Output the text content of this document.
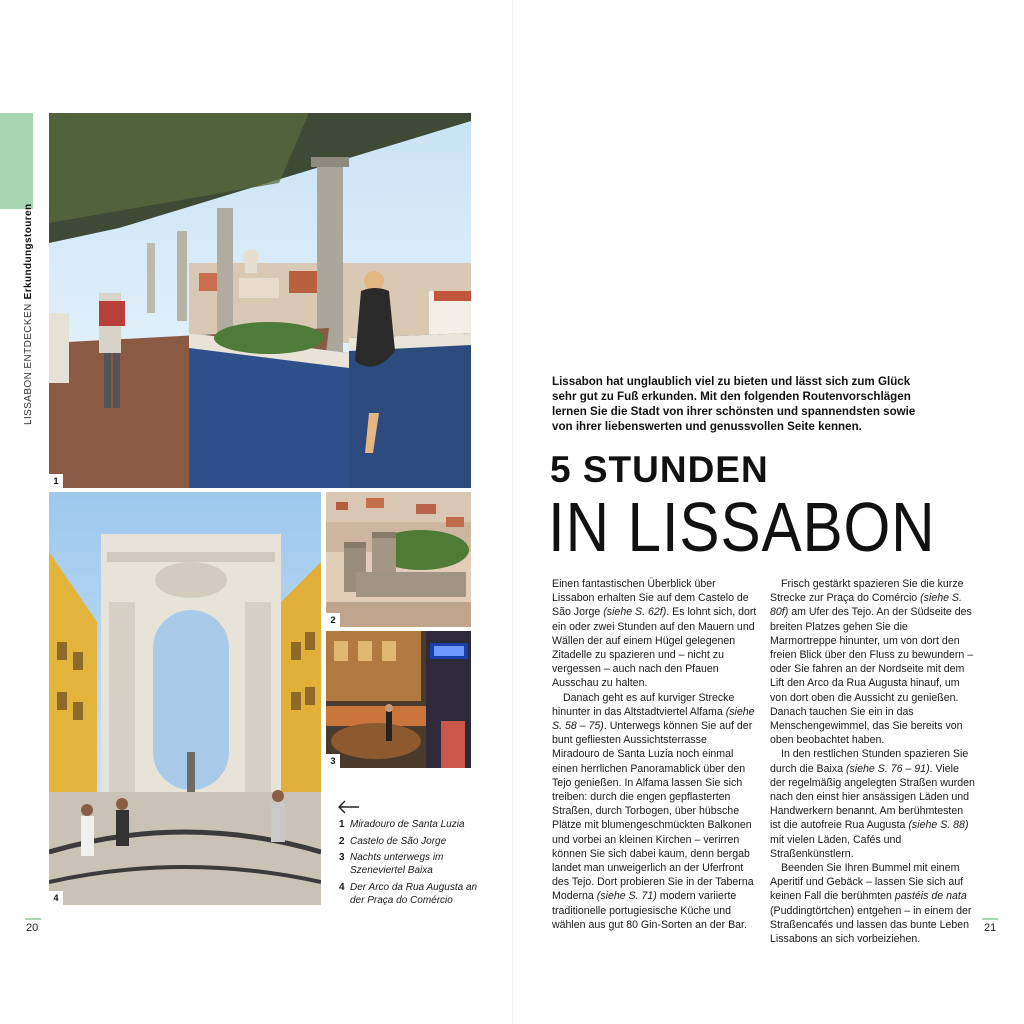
LISSABON ENTDECKENErkundungstouren
1
4
2
3
1 Miradouro de Santa Luzia
2 Castelo de São Jorge
3 Nachts unterwegs im Szeneviertel Baixa
4 Der Arco da Rua Augusta an der Praça do Comércio
20
Lissabon hat unglaublich viel zu bieten und lässt sich zum Glück sehr gut zu Fuß erkunden. Mit den folgenden Routenvorschlägen lernen Sie die Stadt von ihrer schönsten und spannendsten sowie von ihrer liebenswerten und genussvollen Seite kennen.
5 STUNDEN
IN LISSABON

Einen fantastischen Überblick über Lissabon erhalten Sie auf dem Castelo de São Jorge (siehe S. 62f). Es lohnt sich, dort ein oder zwei Stunden auf den Mauern und Wällen der auf einem Hügel gelegenen Zitadelle zu spazieren und – nicht zu vergessen – auch nach den Pfauen Ausschau zu halten.

Danach geht es auf kurviger Strecke hinunter in das Altstadtviertel Alfama (siehe S. 58 – 75). Unterwegs können Sie auf der bunt gefliesten Aussichtsterrasse Miradouro de Santa Luzia noch einmal einen herrlichen Panoramablick über den Tejo genießen. In Alfama lassen Sie sich treiben: durch die engen gepflasterten Straßen, durch Torbogen, über hübsche Plätze mit blumengeschmückten Balkonen und vorbei an kleinen Kirchen – verirren können Sie sich dabei kaum, denn bergab landet man unweigerlich an der Uferfront des Tejo. Dort probieren Sie in der Taberna Moderna (siehe S. 71) modern variierte traditionelle portugiesische Küche und wählen aus gut 80 Gin-Sorten an der Bar.

Frisch gestärkt spazieren Sie die kurze Strecke zur Praça do Comércio (siehe S. 80f) am Ufer des Tejo. An der Südseite des breiten Platzes gehen Sie die Marmortreppe hinunter, um von dort den freien Blick über den Fluss zu bewundern – oder Sie fahren an der Nordseite mit dem Lift den Arco da Rua Augusta hinauf, um von dort oben die Aussicht zu genießen. Danach tauchen Sie ein in das Menschengewimmel, das Sie bereits von oben beobachtet haben.

In den restlichen Stunden spazieren Sie durch die Baixa (siehe S. 76 – 91). Viele der regelmäßig angelegten Straßen wurden nach den einst hier ansässigen Läden und Handwerkern benannt. Am berühmtesten ist die autofreie Rua Augusta (siehe S. 88) mit vielen Läden, Cafés und Straßenkünstlern.

Beenden Sie Ihren Bummel mit einem Aperitif und Gebäck – lassen Sie sich auf keinen Fall die berühmten pastéis de nata (Puddingtörtchen) entgehen – in einem der Straßencafés und lassen das bunte Leben Lissabons an sich vorbeiziehen.

21
